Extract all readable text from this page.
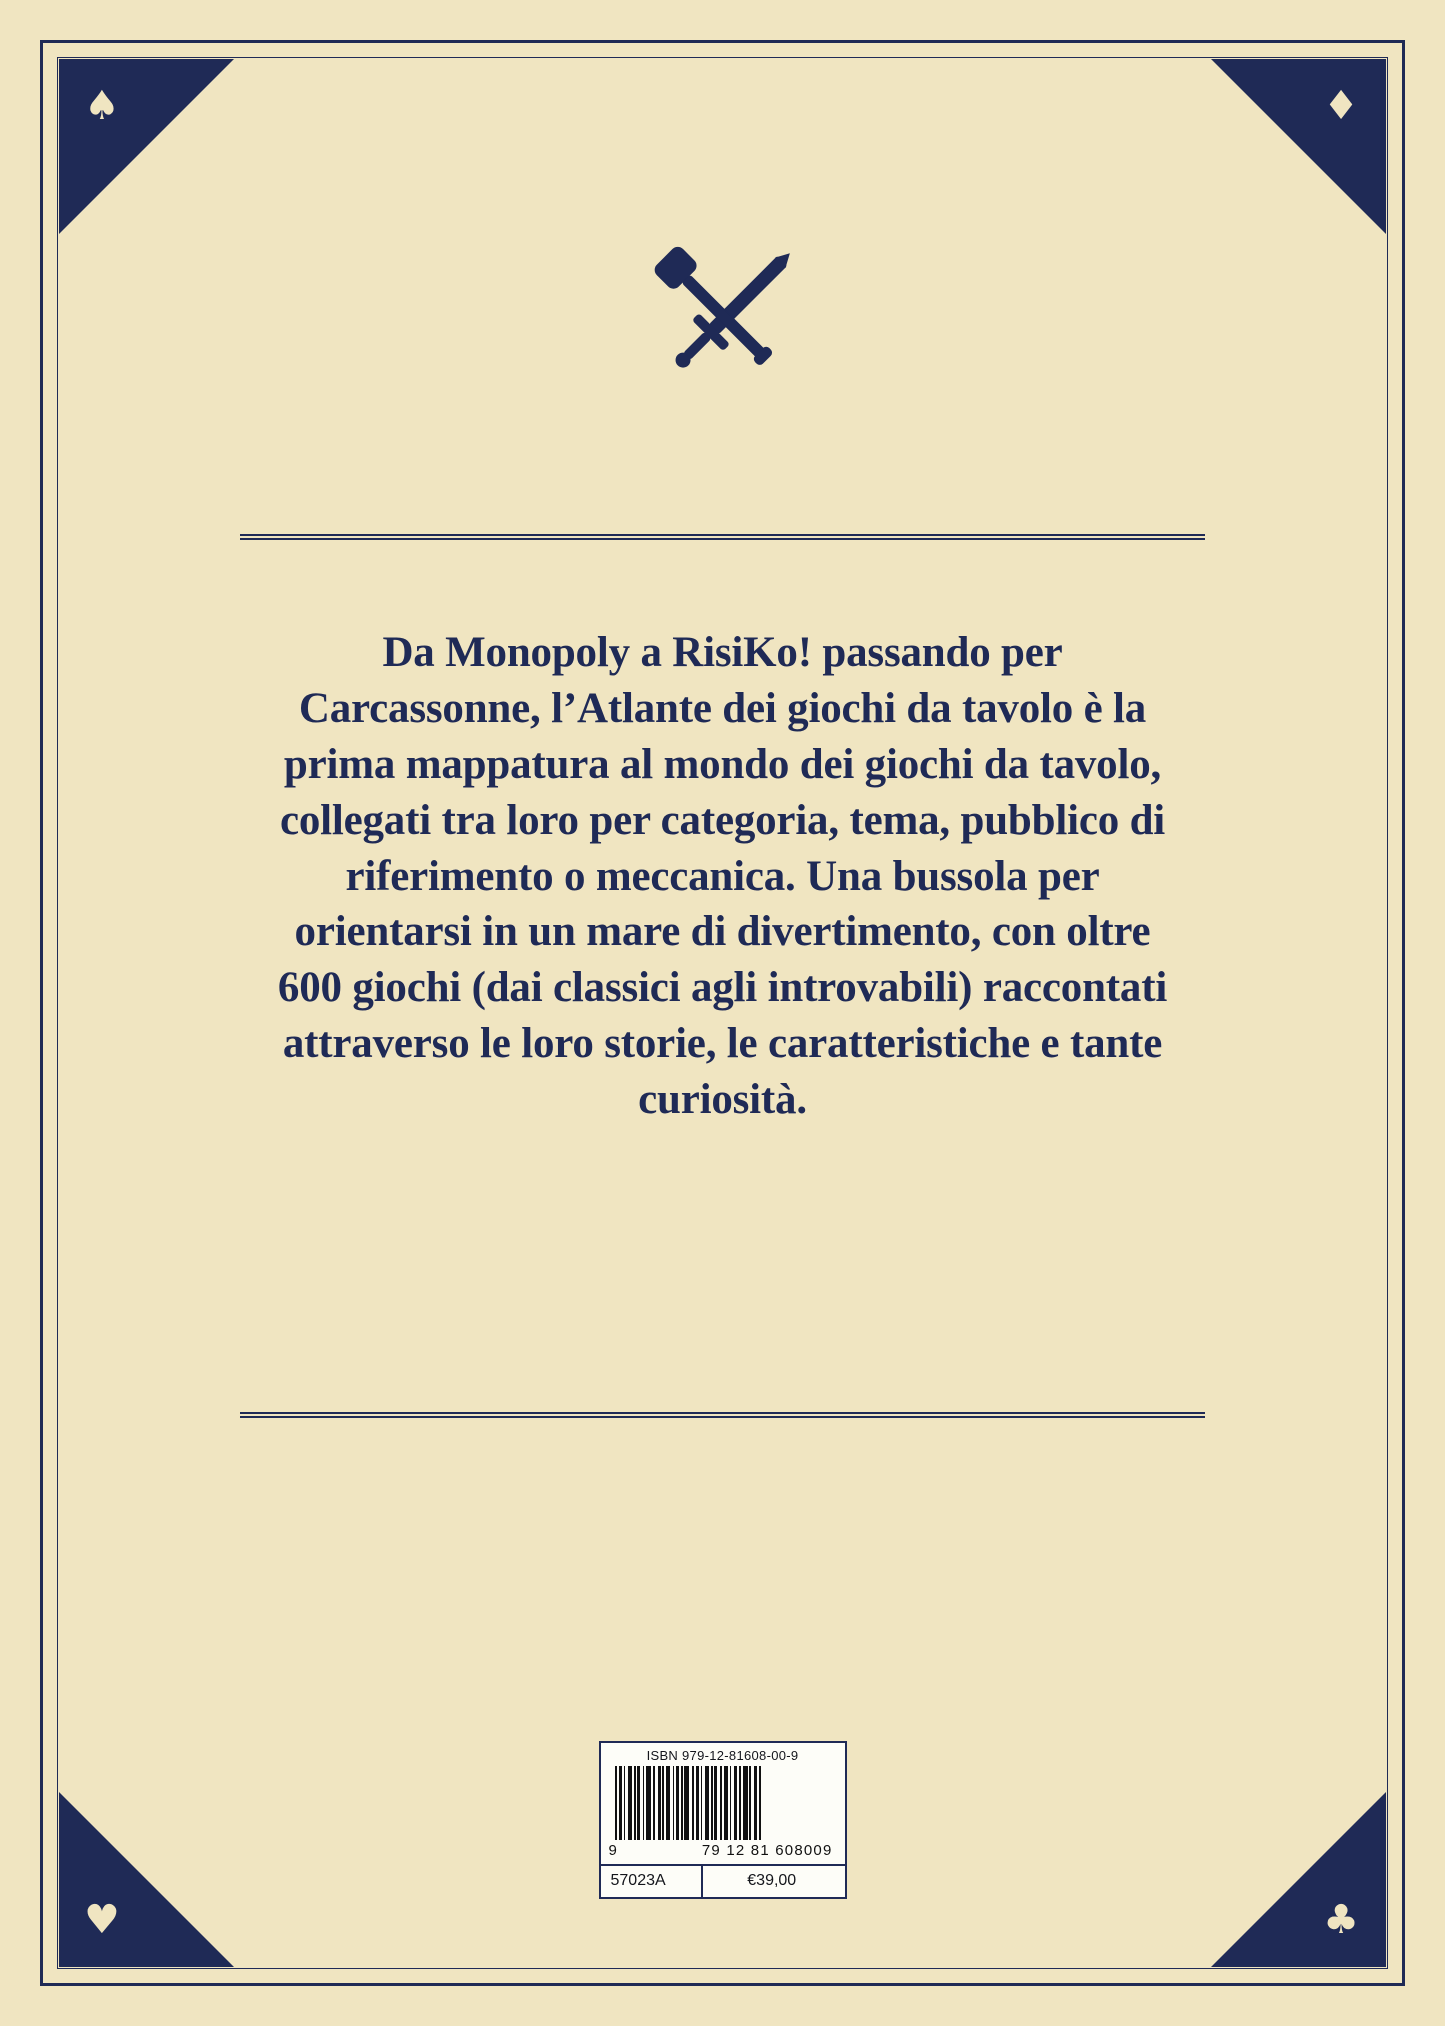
♠	♦
♥	♣
Da Monopoly a RisiKo! passando per Carcassonne, l’Atlante dei giochi da tavolo è la prima mappatura al mondo dei giochi da tavolo, collegati tra loro per categoria, tema, pubblico di riferimento o meccanica. Una bussola per orientarsi in un mare di divertimento, con oltre 600 giochi (dai classici agli introvabili) raccontati attraverso le loro storie, le caratteristiche e tante curiosità.
ISBN 979-12-81608-00-9
9	79 12 81 608009
57023A	€39,00
